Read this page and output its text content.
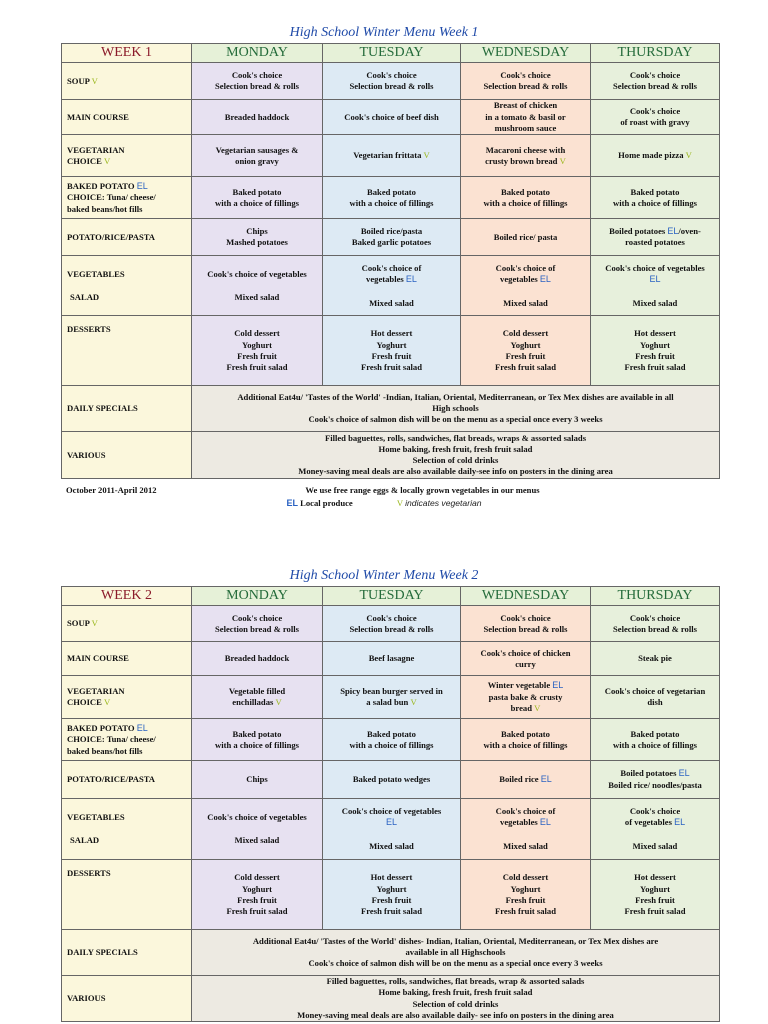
High School Winter Menu Week 1
WEEK 1	MONDAY	TUESDAY	WEDNESDAY	THURSDAY
SOUP V	Cook's choice
Selection bread & rolls	Cook's choice
Selection bread & rolls	Cook's choice
Selection bread & rolls	Cook's choice
Selection bread & rolls

MAIN COURSE	Breaded haddock	Cook's choice of beef dish	Breast of chicken
in a tomato & basil or
mushroom sauce	Cook's choice
of roast with gravy

VEGETARIAN
CHOICE V	Vegetarian sausages &
onion gravy	Vegetarian frittata V	Macaroni cheese with
crusty brown bread V	Home made pizza V

BAKED POTATO EL
CHOICE: Tuna/ cheese/
baked beans/hot fills	Baked potato
with a choice of fillings	Baked potato
with a choice of fillings	Baked potato
with a choice of fillings	Baked potato
with a choice of fillings

POTATO/RICE/PASTA	Chips
Mashed potatoes	Boiled rice/pasta
Baked garlic potatoes	Boiled rice/ pasta	Boiled potatoes EL/oven-
roasted potatoes

VEGETABLES
SALAD	Cook's choice of vegetables
Mixed salad	Cook's choice of
vegetables EL
Mixed salad	Cook's choice of
vegetables EL
Mixed salad	Cook's choice of vegetables
EL
Mixed salad

DESSERTS	Cold dessert
Yoghurt
Fresh fruit
Fresh fruit salad	Hot dessert
Yoghurt
Fresh fruit
Fresh fruit salad	Cold dessert
Yoghurt
Fresh fruit
Fresh fruit salad	Hot dessert
Yoghurt
Fresh fruit
Fresh fruit salad

DAILY SPECIALS	Additional Eat4u/ 'Tastes of the World' -Indian, Italian, Oriental, Mediterranean, or Tex Mex dishes are available in all
High schools
Cook's choice of salmon dish will be on the menu as a special once every 3 weeks			

VARIOUS	Filled baguettes, rolls, sandwiches, flat breads, wraps & assorted salads
Home baking, fresh fruit, fresh fruit salad
Selection of cold drinks
Money-saving meal deals are also available daily-see info on posters in the dining area			
October 2011-April 2012	We use free range eggs & locally grown vegetables in our menus
EL Local produce	V indicates vegetarian
High School Winter Menu Week 2
WEEK 2	MONDAY	TUESDAY	WEDNESDAY	THURSDAY
SOUP V	Cook's choice
Selection bread & rolls	Cook's choice
Selection bread & rolls	Cook's choice
Selection bread & rolls	Cook's choice
Selection bread & rolls

MAIN COURSE	Breaded haddock	Beef lasagne	Cook's choice of chicken
curry	Steak pie

VEGETARIAN
CHOICE V	Vegetable filled
enchilladas V	Spicy bean burger served in
a salad bun V	Winter vegetable EL
pasta bake & crusty
bread V	Cook's choice of vegetarian
dish

BAKED POTATO EL
CHOICE: Tuna/ cheese/
baked beans/hot fills	Baked potato
with a choice of fillings	Baked potato
with a choice of fillings	Baked potato
with a choice of fillings	Baked potato
with a choice of fillings

POTATO/RICE/PASTA	Chips	Baked potato wedges	Boiled rice EL	Boiled potatoes EL
Boiled rice/ noodles/pasta

VEGETABLES
SALAD	Cook's choice of vegetables
Mixed salad	Cook's choice of vegetables
EL
Mixed salad	Cook's choice of
vegetables EL
Mixed salad	Cook's choice
of vegetables EL
Mixed salad

DESSERTS	Cold dessert
Yoghurt
Fresh fruit
Fresh fruit salad	Hot dessert
Yoghurt
Fresh fruit
Fresh fruit salad	Cold dessert
Yoghurt
Fresh fruit
Fresh fruit salad	Hot dessert
Yoghurt
Fresh fruit
Fresh fruit salad

DAILY SPECIALS	Additional Eat4u/ 'Tastes of the World' dishes- Indian, Italian, Oriental, Mediterranean, or Tex Mex dishes are
available in all Highschools
Cook's choice of salmon dish will be on the menu as a special once every 3 weeks			

VARIOUS	Filled baguettes, rolls, sandwiches, flat breads, wrap & assorted salads
Home baking, fresh fruit, fresh fruit salad
Selection of cold drinks
Money-saving meal deals are also available daily- see info on posters in the dining area			
